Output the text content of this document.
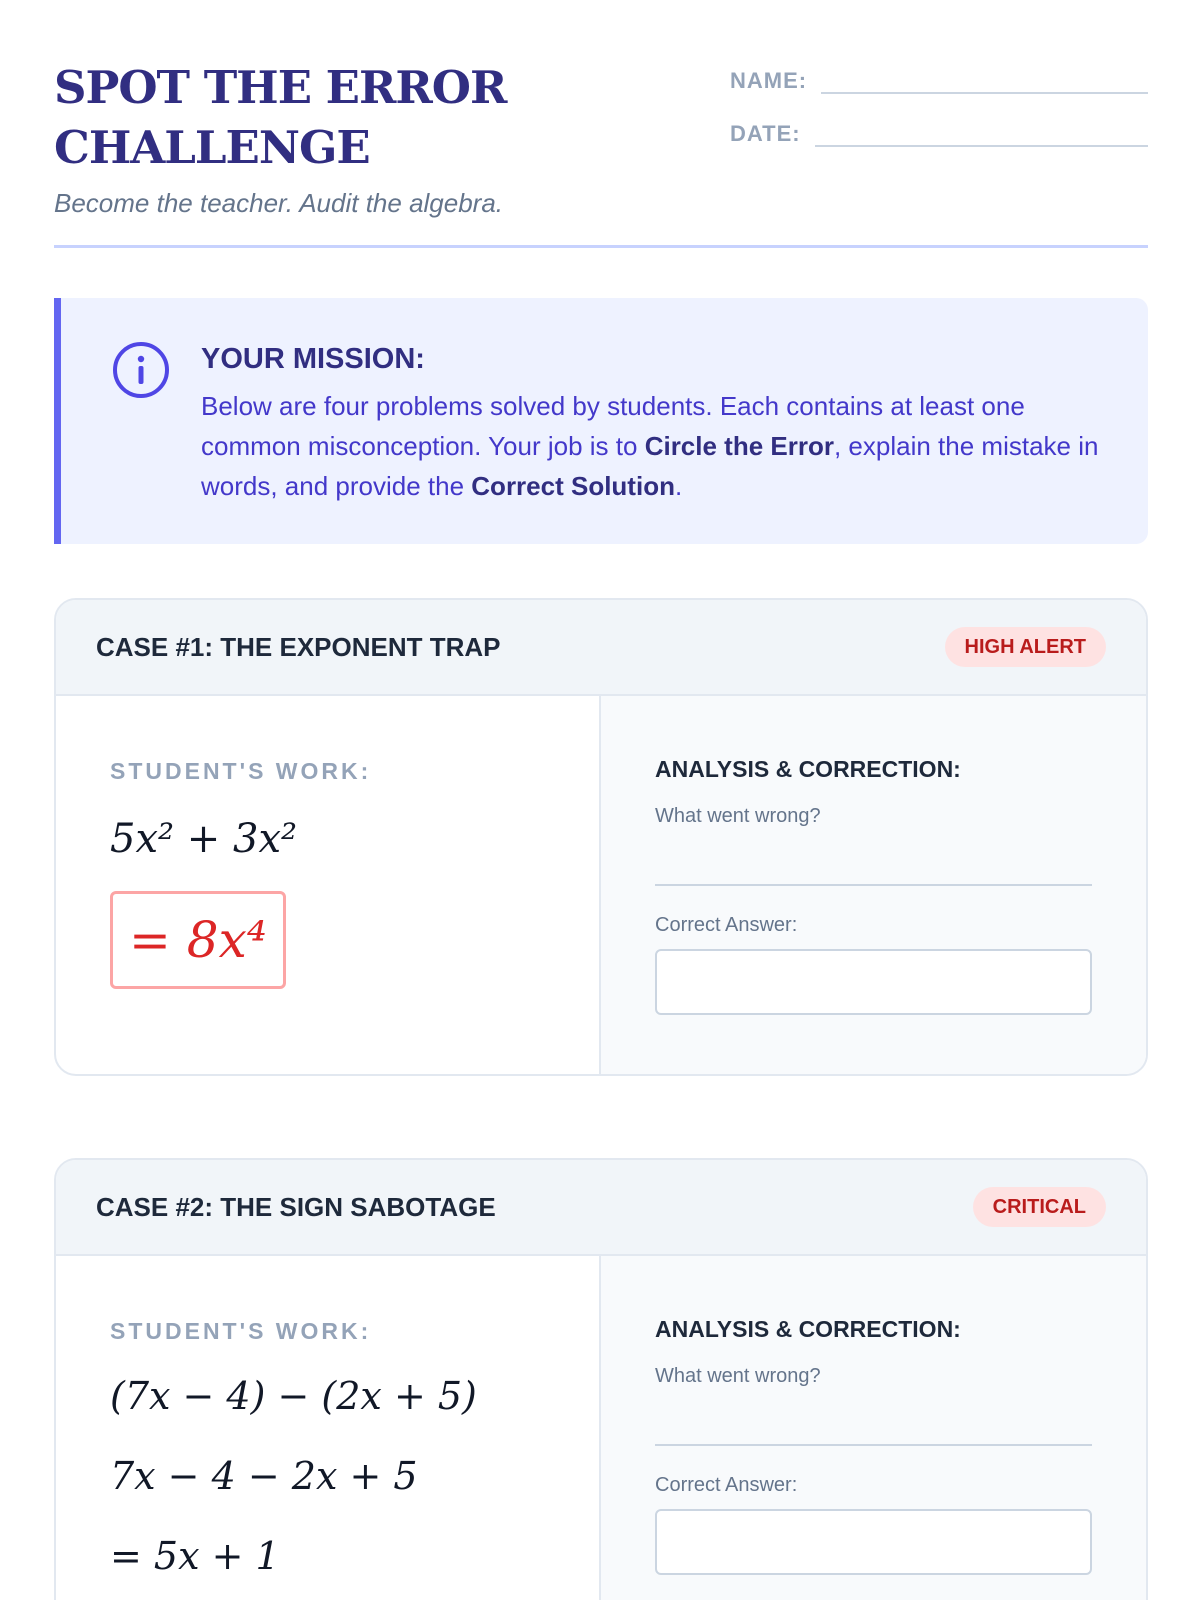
SPOT THE ERROR CHALLENGE
Become the teacher. Audit the algebra.
NAME:
DATE:
YOUR MISSION:
Below are four problems solved by students. Each contains at least one common misconception. Your job is to Circle the Error, explain the mistake in words, and provide the Correct Solution.
CASE #1: THE EXPONENT TRAP	HIGH ALERT
STUDENT'S WORK:
5x² + 3x²
= 8x⁴
ANALYSIS & CORRECTION:
What went wrong?
Correct Answer:
CASE #2: THE SIGN SABOTAGE	CRITICAL
STUDENT'S WORK:
(7x − 4) − (2x + 5)
7x − 4 − 2x + 5
= 5x + 1
ANALYSIS & CORRECTION:
What went wrong?
Correct Answer:
